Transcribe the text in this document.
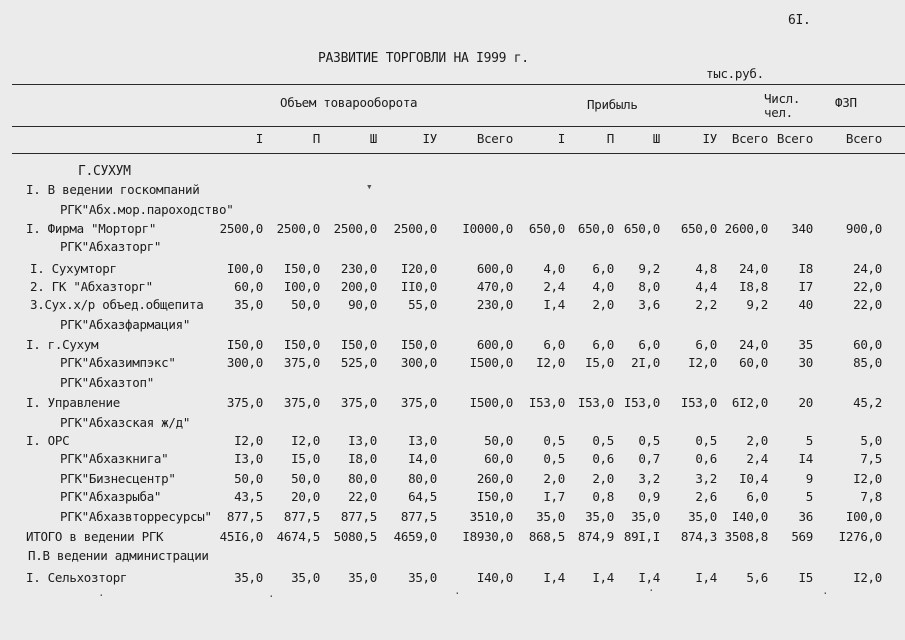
6I.
РАЗВИТИЕ ТОРГОВЛИ НА I999 г.
тыс.руб.
Объем товарооборота	Прибыль	Числ. чел.
ФЗП
I	П	Ш	IУ	Всего	I	П	Ш	IУ	Всего Всего	Всего
Г.СУХУМ
I. В ведении госкомпаний
РГК"Абх.мор.пароходство"
I. Фирма "Морторг"	2500,0	2500,0	2500,0	2500,0	I0000,0	650,0	650,0 650,0	650,0 2600,0	340	900,0
РГК"Абхазторг"
I. Сухумторг	I00,0	I50,0	230,0	I20,0	600,0	4,0	6,0	9,2	4,8	24,0	I8	24,0
2. ГК "Абхазторг"	60,0	I00,0	200,0	II0,0	470,0	2,4	4,0	8,0	4,4	I8,8	I7	22,0
3.Сух.х/р объед.общепита	35,0	50,0	90,0	55,0	230,0	I,4	2,0	3,6	2,2	9,2	40	22,0
РГК"Абхазфармация"
I. г.Сухум	I50,0	I50,0	I50,0	I50,0	600,0	6,0	6,0	6,0	6,0	24,0	35	60,0
РГК"Абхазимпэкс"	300,0	375,0	525,0	300,0	I500,0	I2,0	I5,0	2I,0	I2,0	60,0	30	85,0
РГК"Абхазтоп"
I. Управление	375,0	375,0	375,0	375,0	I500,0	I53,0	I53,0 I53,0	I53,0	6I2,0	20	45,2
РГК"Абхазская ж/д"
I. ОРС	I2,0	I2,0	I3,0	I3,0	50,0	0,5	0,5	0,5	0,5	2,0	5	5,0
РГК"Абхазкнига"	I3,0	I5,0	I8,0	I4,0	60,0	0,5	0,6	0,7	0,6	2,4	I4	7,5
РГК"Бизнесцентр"	50,0	50,0	80,0	80,0	260,0	2,0	2,0	3,2	3,2	I0,4	9	I2,0
РГК"Абхазрыба"	43,5	20,0	22,0	64,5	I50,0	I,7	0,8	0,9	2,6	6,0	5	7,8
РГК"Абхазвторресурсы"	877,5	877,5	877,5	877,5	3510,0	35,0	35,0	35,0	35,0	I40,0	36	I00,0
ИТОГО в ведении РГК	45I6,0	4674,5	5080,5	4659,0	I8930,0	868,5	874,9 89I,I	874,3 3508,8	569	I276,0
П.В ведении администрации
I. Сельхозторг	35,0	35,0	35,0	35,0	I40,0	I,4	I,4	I,4	I,4	5,6	I5	I2,0
▾
·	·	·	·	·
